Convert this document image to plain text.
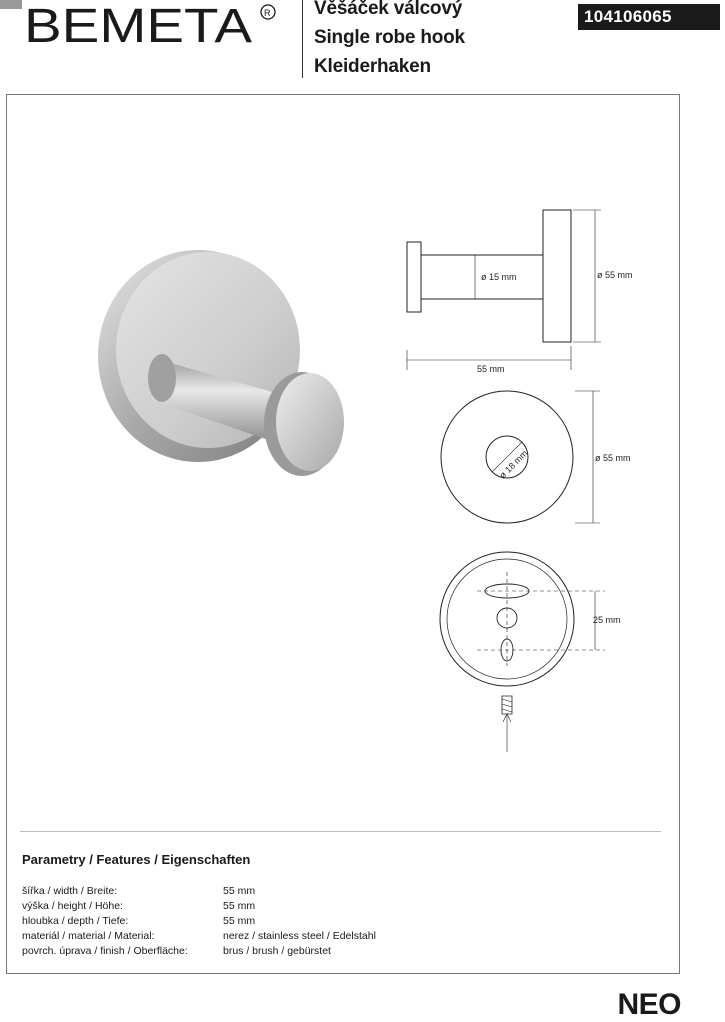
BEMETA R Věšáček válcový
Single robe hook
Kleiderhaken
104106065
ø 15 mm	ø 55 mm
55 mm
ø 18 mm	ø 55 mm
25 mm
Parametry / Features / Eigenschaften
šířka / width / Breite:	55 mm
výška / height / Höhe:	55 mm
hloubka / depth / Tiefe:	55 mm
materiál / material / Material:	nerez / stainless steel / Edelstahl
povrch. úprava / finish / Oberfläche:	brus / brush / gebürstet
NEO
